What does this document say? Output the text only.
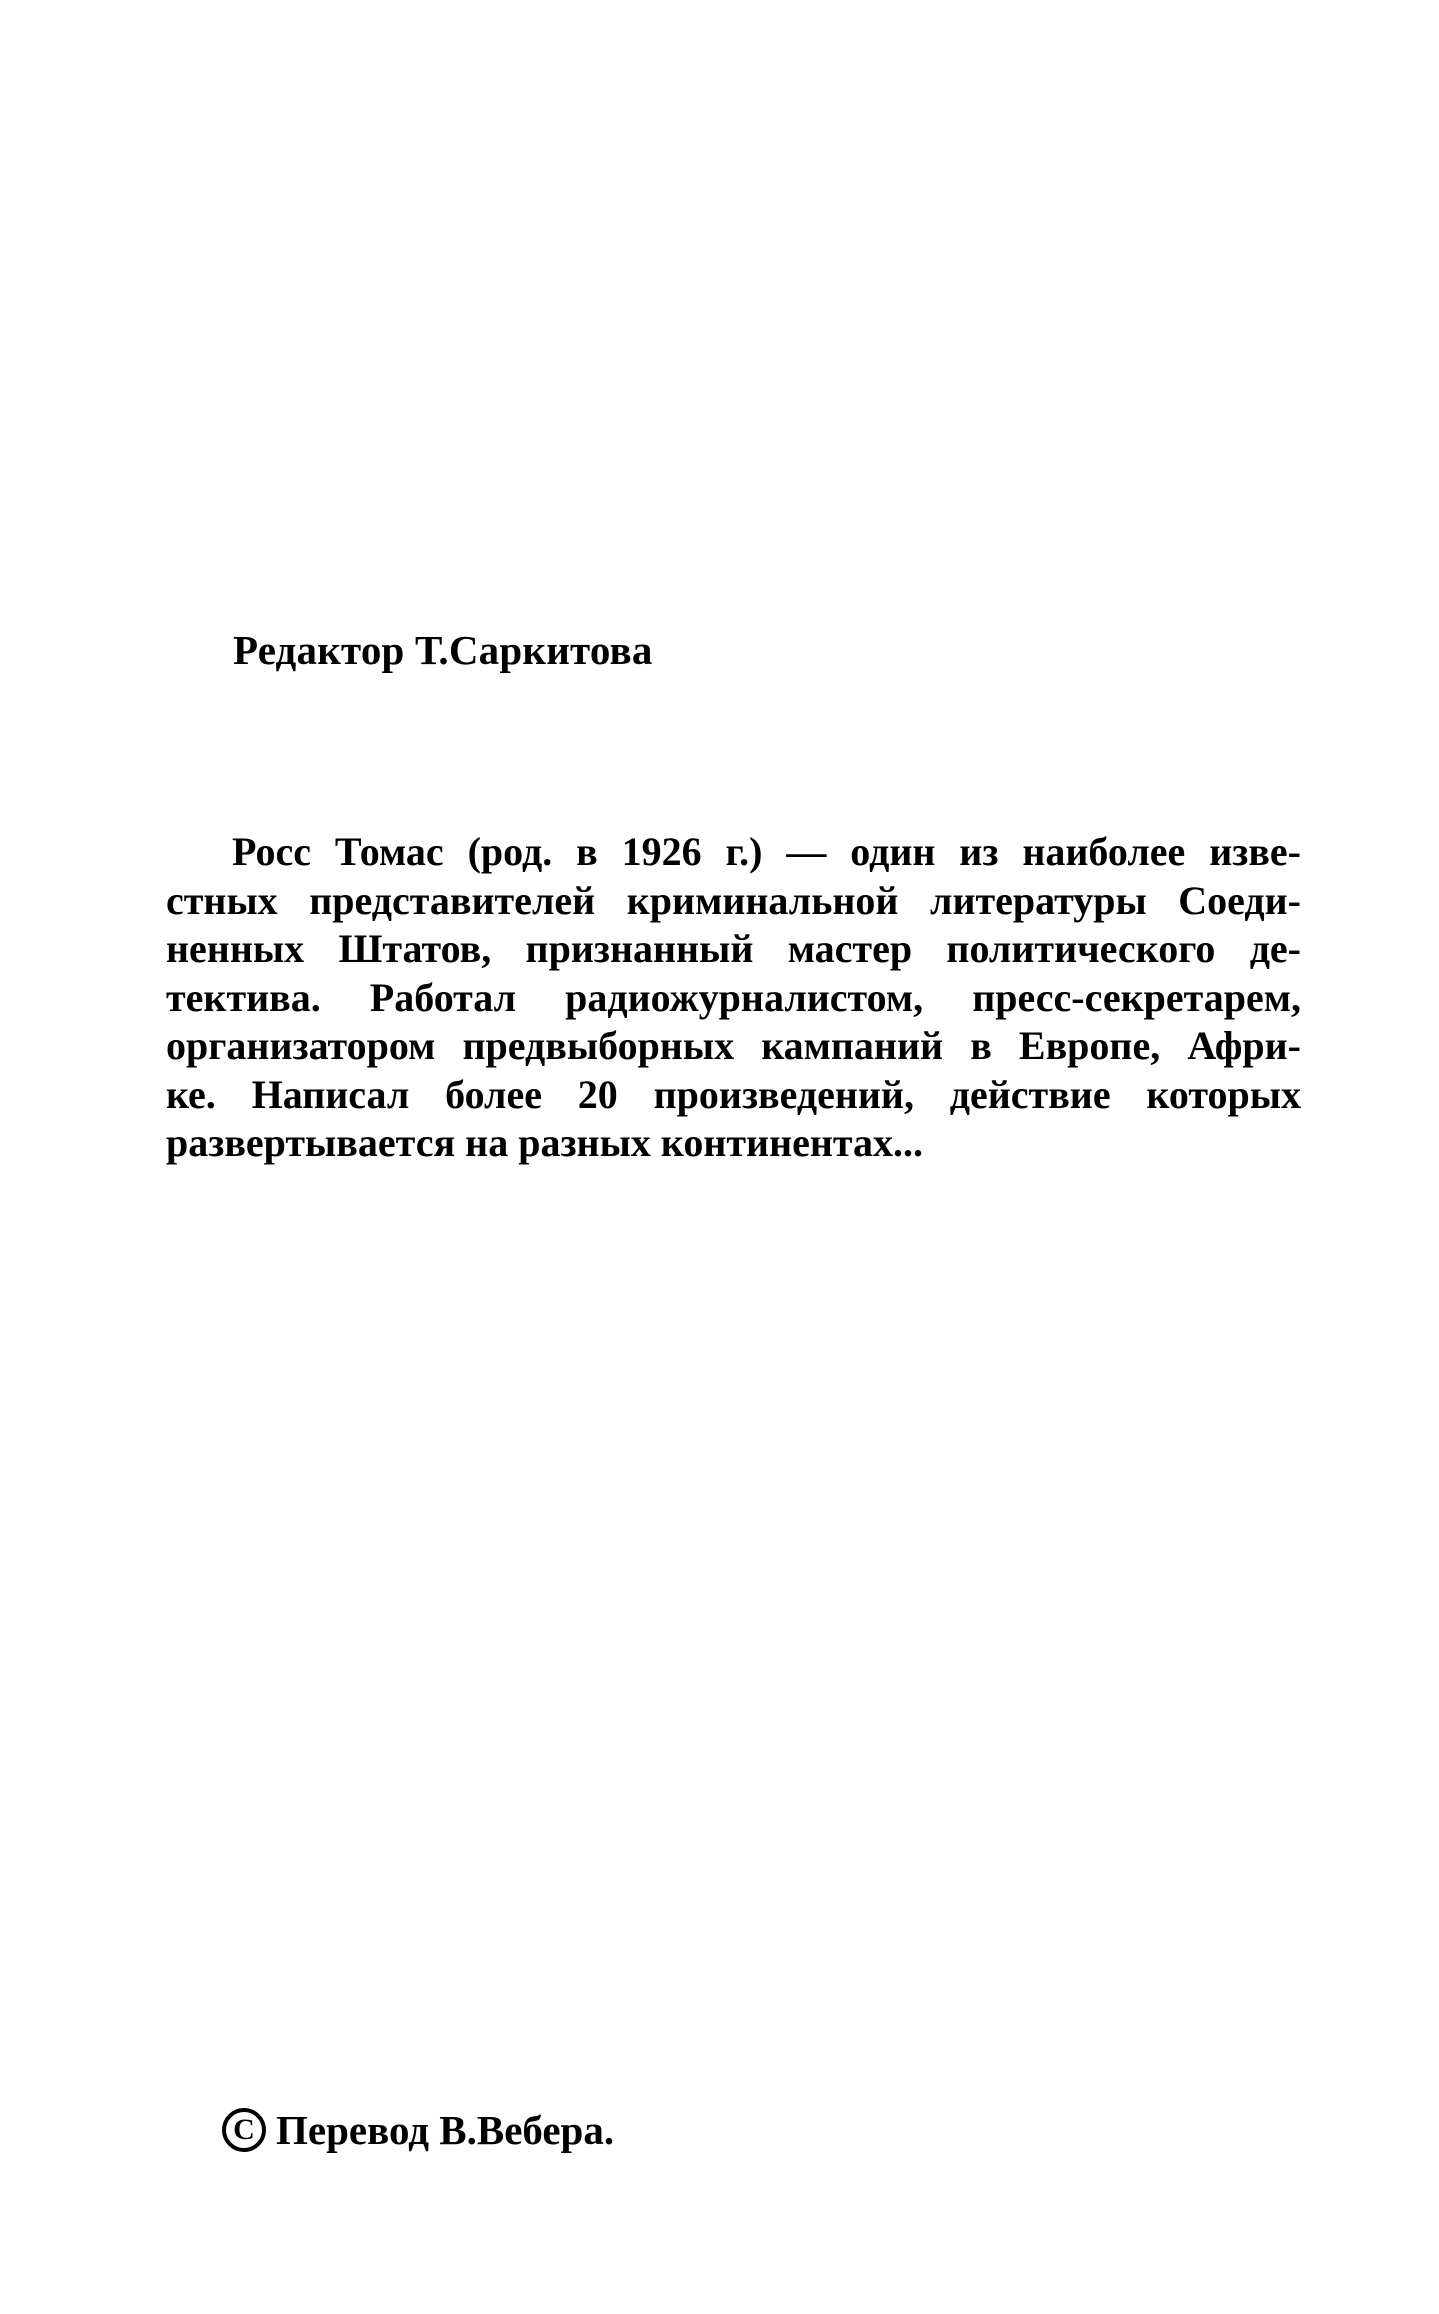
Редактор Т.Саркитова
Росс Томас (род. в 1926 г.) — один из наиболее изве-
стных представителей криминальной литературы Соеди-
ненных Штатов, признанный мастер политического де-
тектива. Работал радиожурналистом, пресс-секретарем,
организатором предвыборных кампаний в Европе, Афри-
ке. Написал более 20 произведений, действие которых
развертывается на разных континентах...
C Перевод В.Вебера.
